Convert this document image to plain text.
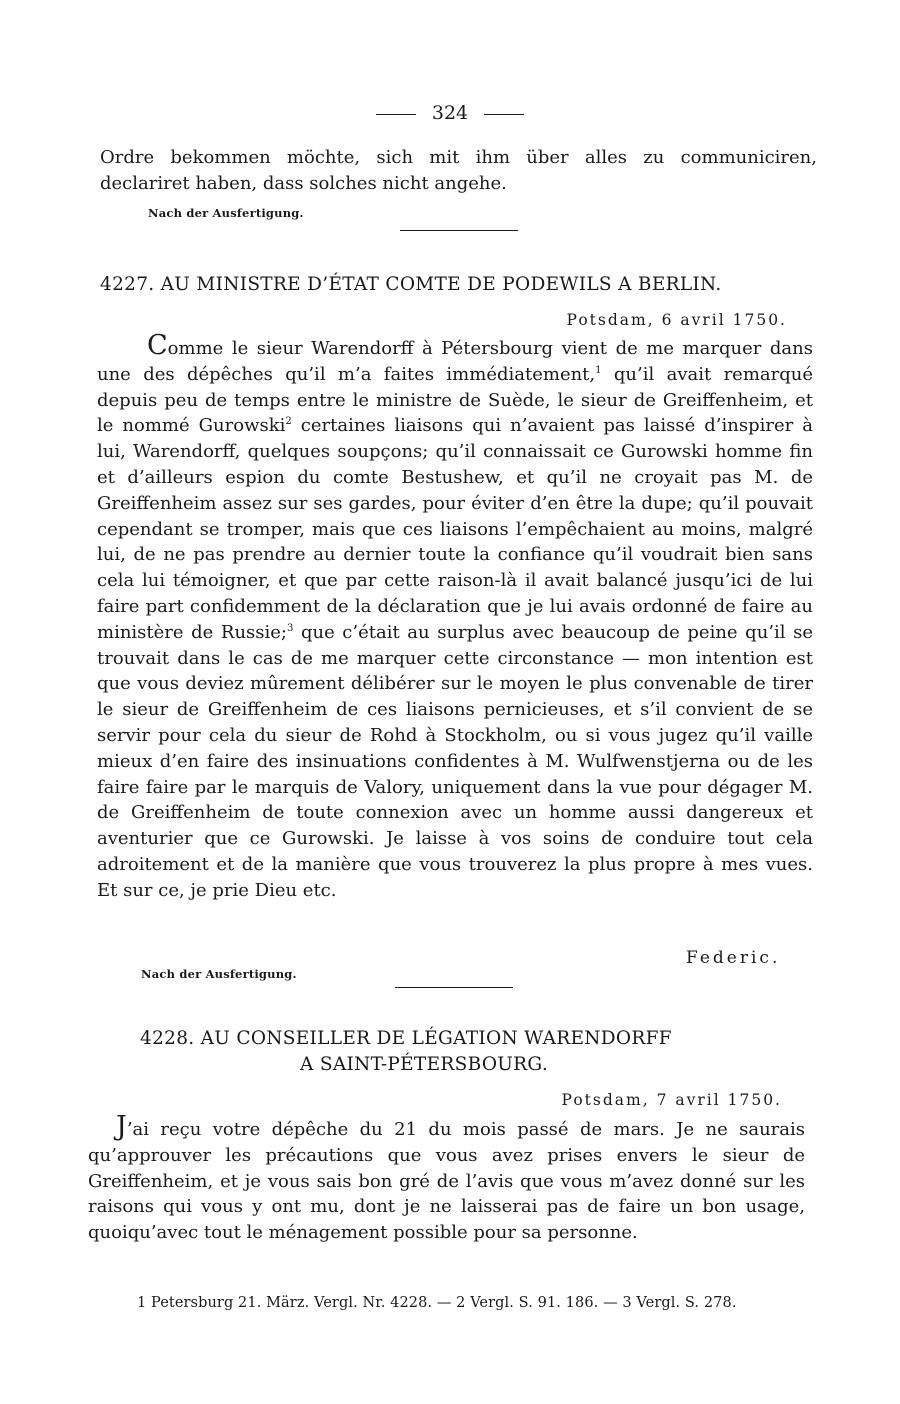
324
Ordre bekommen möchte, sich mit ihm über alles zu communiciren, declariret haben, dass solches nicht angehe.
Nach der Ausfertigung.
4227. AU MINISTRE D’ÉTAT COMTE DE PODEWILS A BERLIN.
Potsdam, 6 avril 1750.
Comme le sieur Warendorff à Pétersbourg vient de me marquer dans une des dépêches qu’il m’a faites immédiatement,$^1$ qu’il avait remarqué depuis peu de temps entre le ministre de Suède, le sieur de Greiffenheim, et le nommé Gurowski$^2$ certaines liaisons qui n’avaient pas laissé d’inspirer à lui, Warendorff, quelques soupçons; qu’il connaissait ce Gurowski homme fin et d’ailleurs espion du comte Bestushew, et qu’il ne croyait pas M. de Greiffenheim assez sur ses gardes, pour éviter d’en être la dupe; qu’il pouvait cependant se tromper, mais que ces liaisons l’empêchaient au moins, malgré lui, de ne pas prendre au dernier toute la confiance qu’il voudrait bien sans cela lui témoigner, et que par cette raison-là il avait balancé jusqu’ici de lui faire part confidemment de la déclaration que je lui avais ordonné de faire au ministère de Russie;$^3$ que c’était au surplus avec beaucoup de peine qu’il se trouvait dans le cas de me marquer cette circonstance — mon intention est que vous deviez mûrement délibérer sur le moyen le plus convenable de tirer le sieur de Greiffenheim de ces liaisons pernicieuses, et s’il convient de se servir pour cela du sieur de Rohd à Stockholm, ou si vous jugez qu’il vaille mieux d’en faire des insinuations confidentes à M. Wulfwenstjerna ou de les faire faire par le marquis de Valory, uniquement dans la vue pour dégager M. de Greiffenheim de toute connexion avec un homme aussi dangereux et aventurier que ce Gurowski. Je laisse à vos soins de conduire tout cela adroitement et de la manière que vous trouverez la plus propre à mes vues. Et sur ce, je prie Dieu etc.
Federic.
Nach der Ausfertigung.
4228. AU CONSEILLER DE LÉGATION WARENDORFF
A SAINT-PÉTERSBOURG.
Potsdam, 7 avril 1750.
J’ai reçu votre dépêche du 21 du mois passé de mars. Je ne saurais qu’approuver les précautions que vous avez prises envers le sieur de Greiffenheim, et je vous sais bon gré de l’avis que vous m’avez donné sur les raisons qui vous y ont mu, dont je ne laisserai pas de faire un bon usage, quoiqu’avec tout le ménagement possible pour sa personne.
1 Petersburg 21. März. Vergl. Nr. 4228. — 2 Vergl. S. 91. 186. — 3 Vergl. S. 278.
